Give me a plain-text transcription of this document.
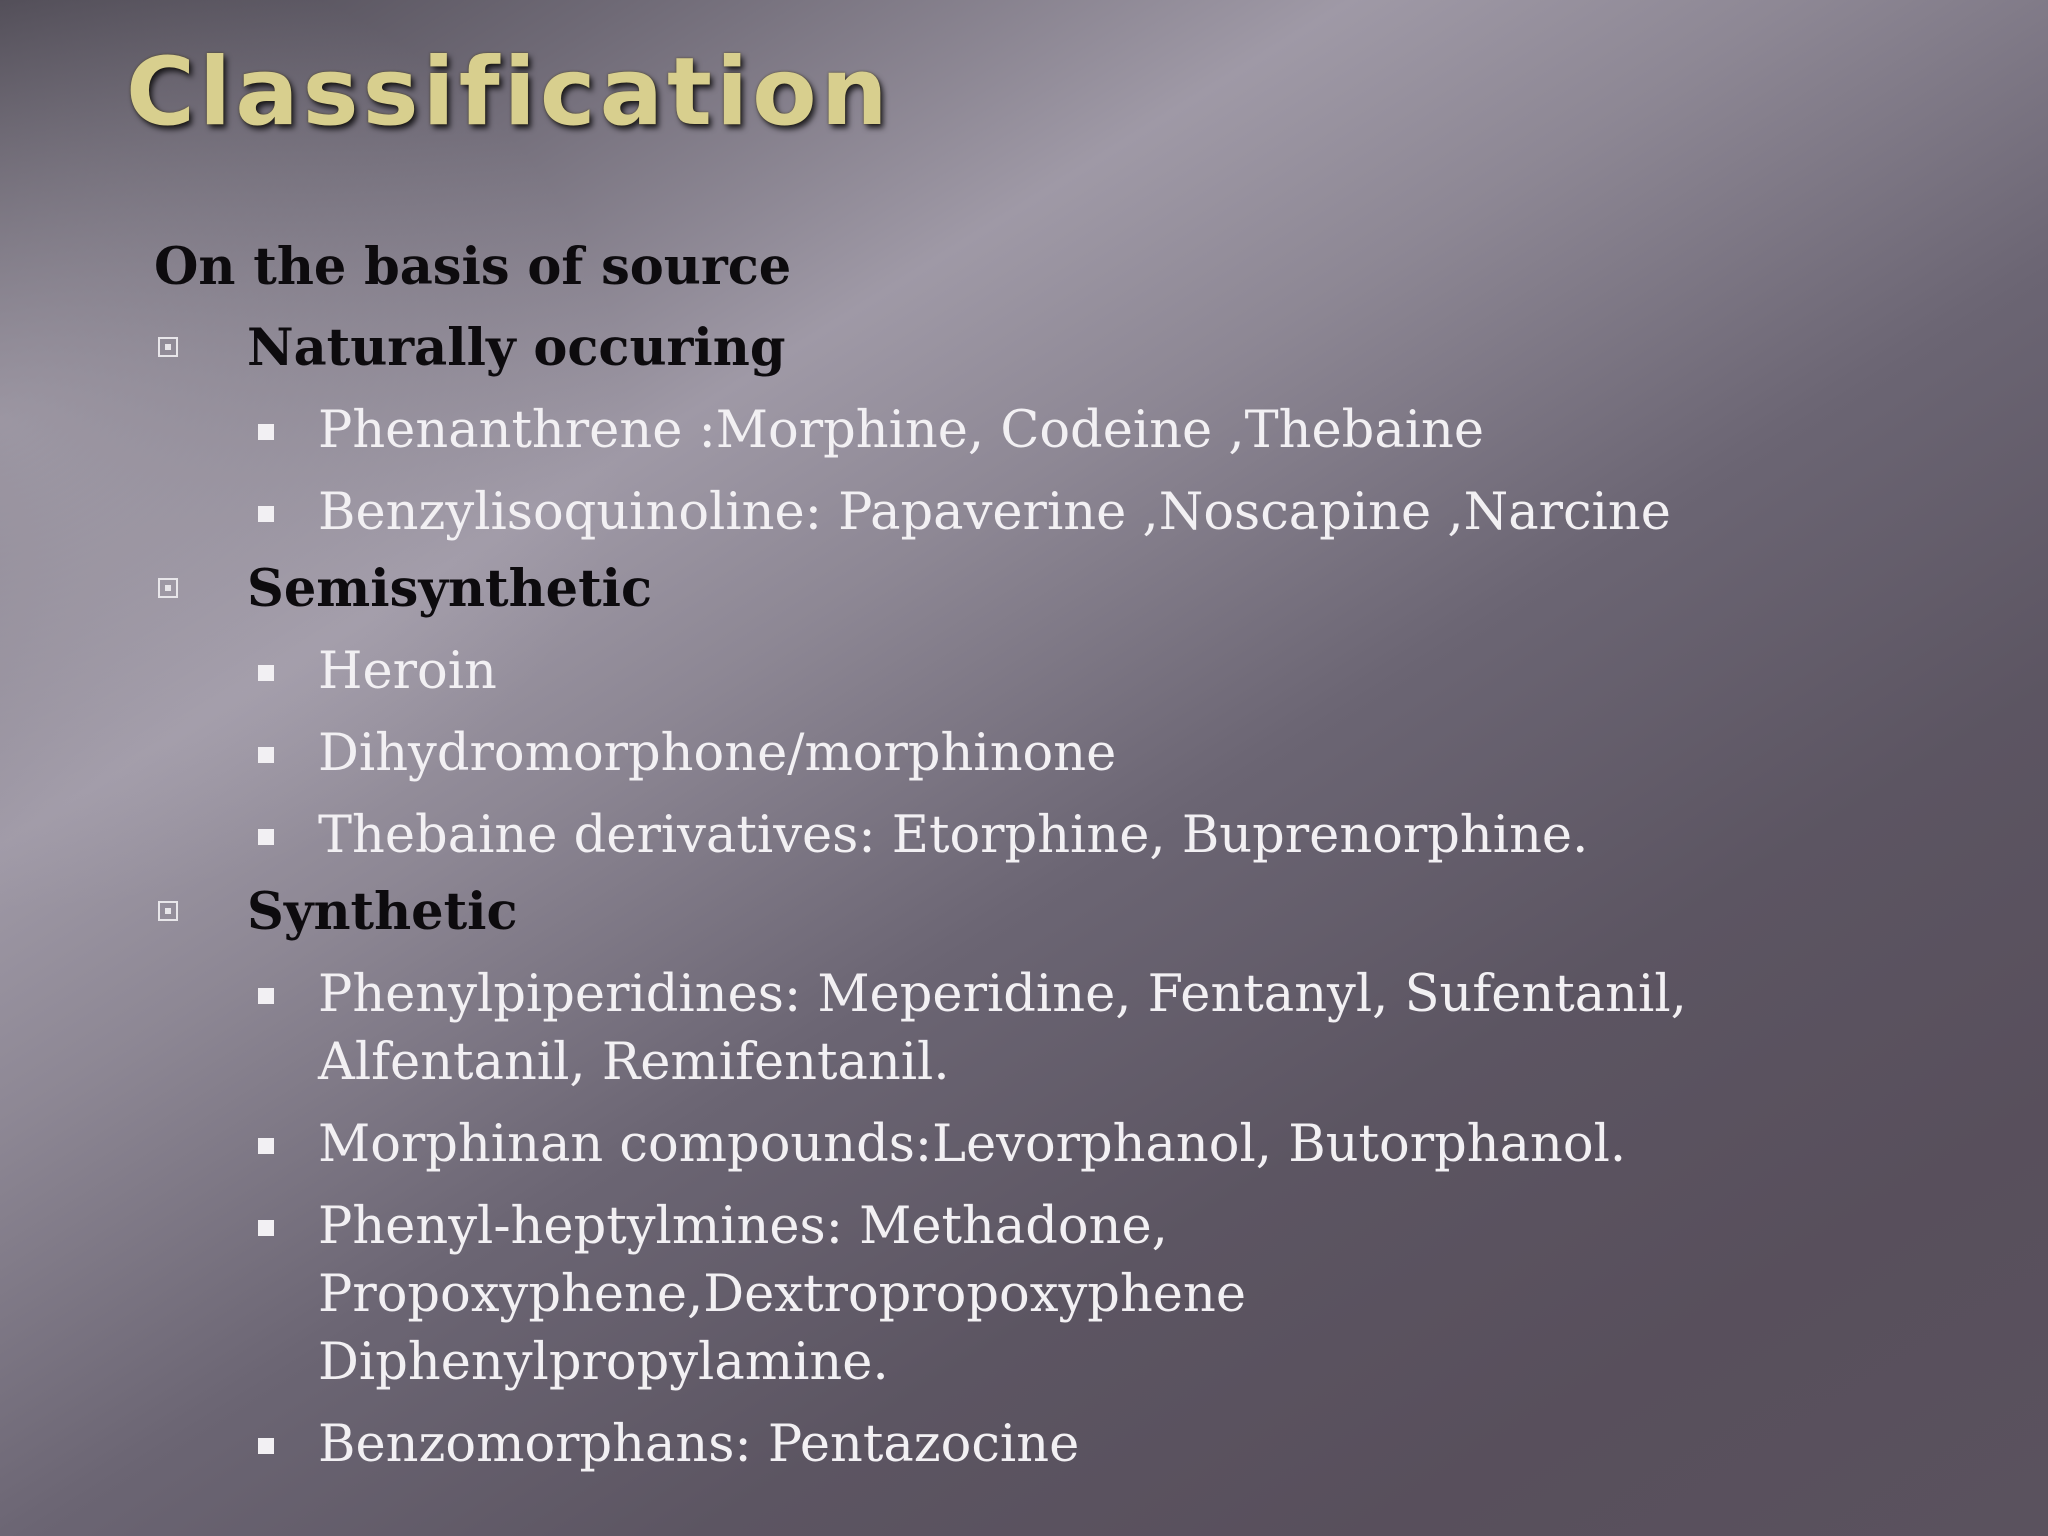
Classification
On the basis of source
Naturally occuring
Phenanthrene :Morphine, Codeine ,Thebaine
Benzylisoquinoline: Papaverine ,Noscapine ,Narcine
Semisynthetic
Heroin
Dihydromorphone/morphinone
Thebaine derivatives: Etorphine, Buprenorphine.
Synthetic
Phenylpiperidines: Meperidine, Fentanyl, Sufentanil, Alfentanil, Remifentanil.
Morphinan compounds:Levorphanol, Butorphanol.
Phenyl-heptylmines: Methadone, Propoxyphene,Dextropropoxyphene Diphenylpropylamine.
Benzomorphans: Pentazocine
